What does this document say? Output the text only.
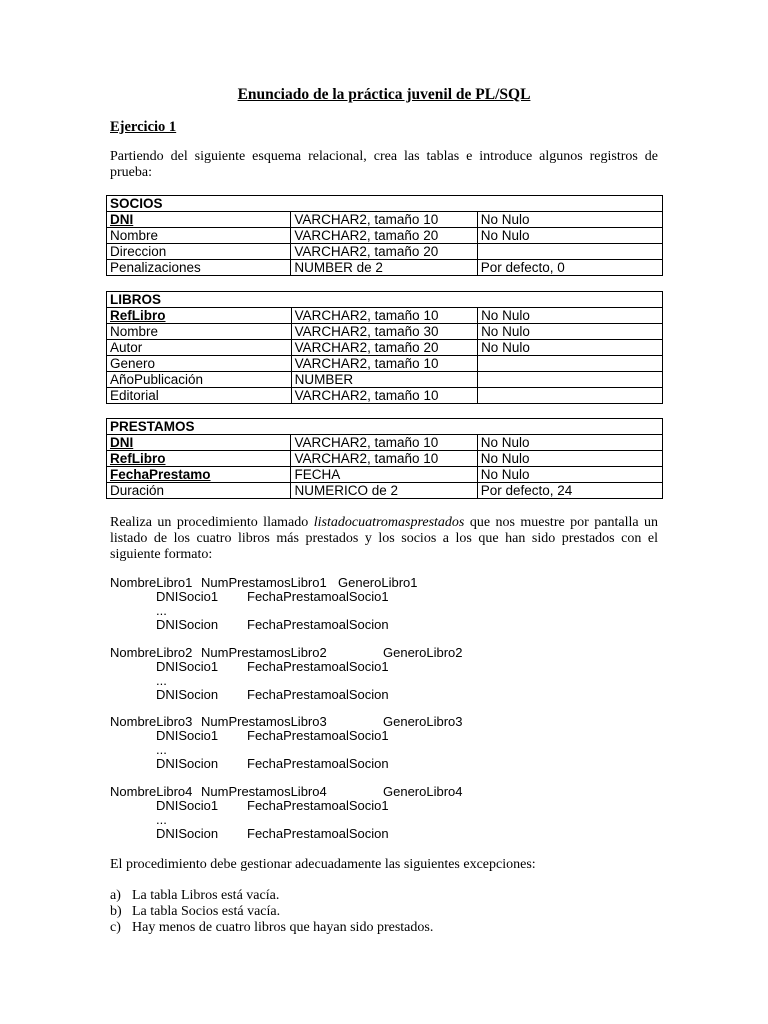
Enunciado de la práctica juvenil de PL/SQL
Ejercicio 1
Partiendo del siguiente esquema relacional, crea las tablas e introduce algunos registros de prueba:
SOCIOS		
DNI	VARCHAR2, tamaño 10	No Nulo
Nombre	VARCHAR2, tamaño 20	No Nulo
Direccion	VARCHAR2, tamaño 20	
Penalizaciones	NUMBER de 2	Por defecto, 0
LIBROS		
RefLibro	VARCHAR2, tamaño 10	No Nulo
Nombre	VARCHAR2, tamaño 30	No Nulo
Autor	VARCHAR2, tamaño 20	No Nulo
Genero	VARCHAR2, tamaño 10	
AñoPublicación	NUMBER	
Editorial	VARCHAR2, tamaño 10	
PRESTAMOS		
DNI	VARCHAR2, tamaño 10	No Nulo
RefLibro	VARCHAR2, tamaño 10	No Nulo
FechaPrestamo	FECHA	No Nulo
Duración	NUMERICO de 2	Por defecto, 24
Realiza un procedimiento llamado listadocuatromasprestados que nos muestre por pantalla un listado de los cuatro libros más prestados y los socios a los que han sido prestados con el siguiente formato:
NombreLibro1 NumPrestamosLibro1 GeneroLibro1
DNISocio1 FechaPrestamoalSocio1
...
DNISocion FechaPrestamoalSocion
NombreLibro2 NumPrestamosLibro2	GeneroLibro2
DNISocio1 FechaPrestamoalSocio1
...
DNISocion FechaPrestamoalSocion
NombreLibro3 NumPrestamosLibro3	GeneroLibro3
DNISocio1 FechaPrestamoalSocio1
...
DNISocion FechaPrestamoalSocion
NombreLibro4 NumPrestamosLibro4	GeneroLibro4
DNISocio1 FechaPrestamoalSocio1
...
DNISocion FechaPrestamoalSocion
El procedimiento debe gestionar adecuadamente las siguientes excepciones:
a) La tabla Libros está vacía.
b) La tabla Socios está vacía.
c) Hay menos de cuatro libros que hayan sido prestados.
